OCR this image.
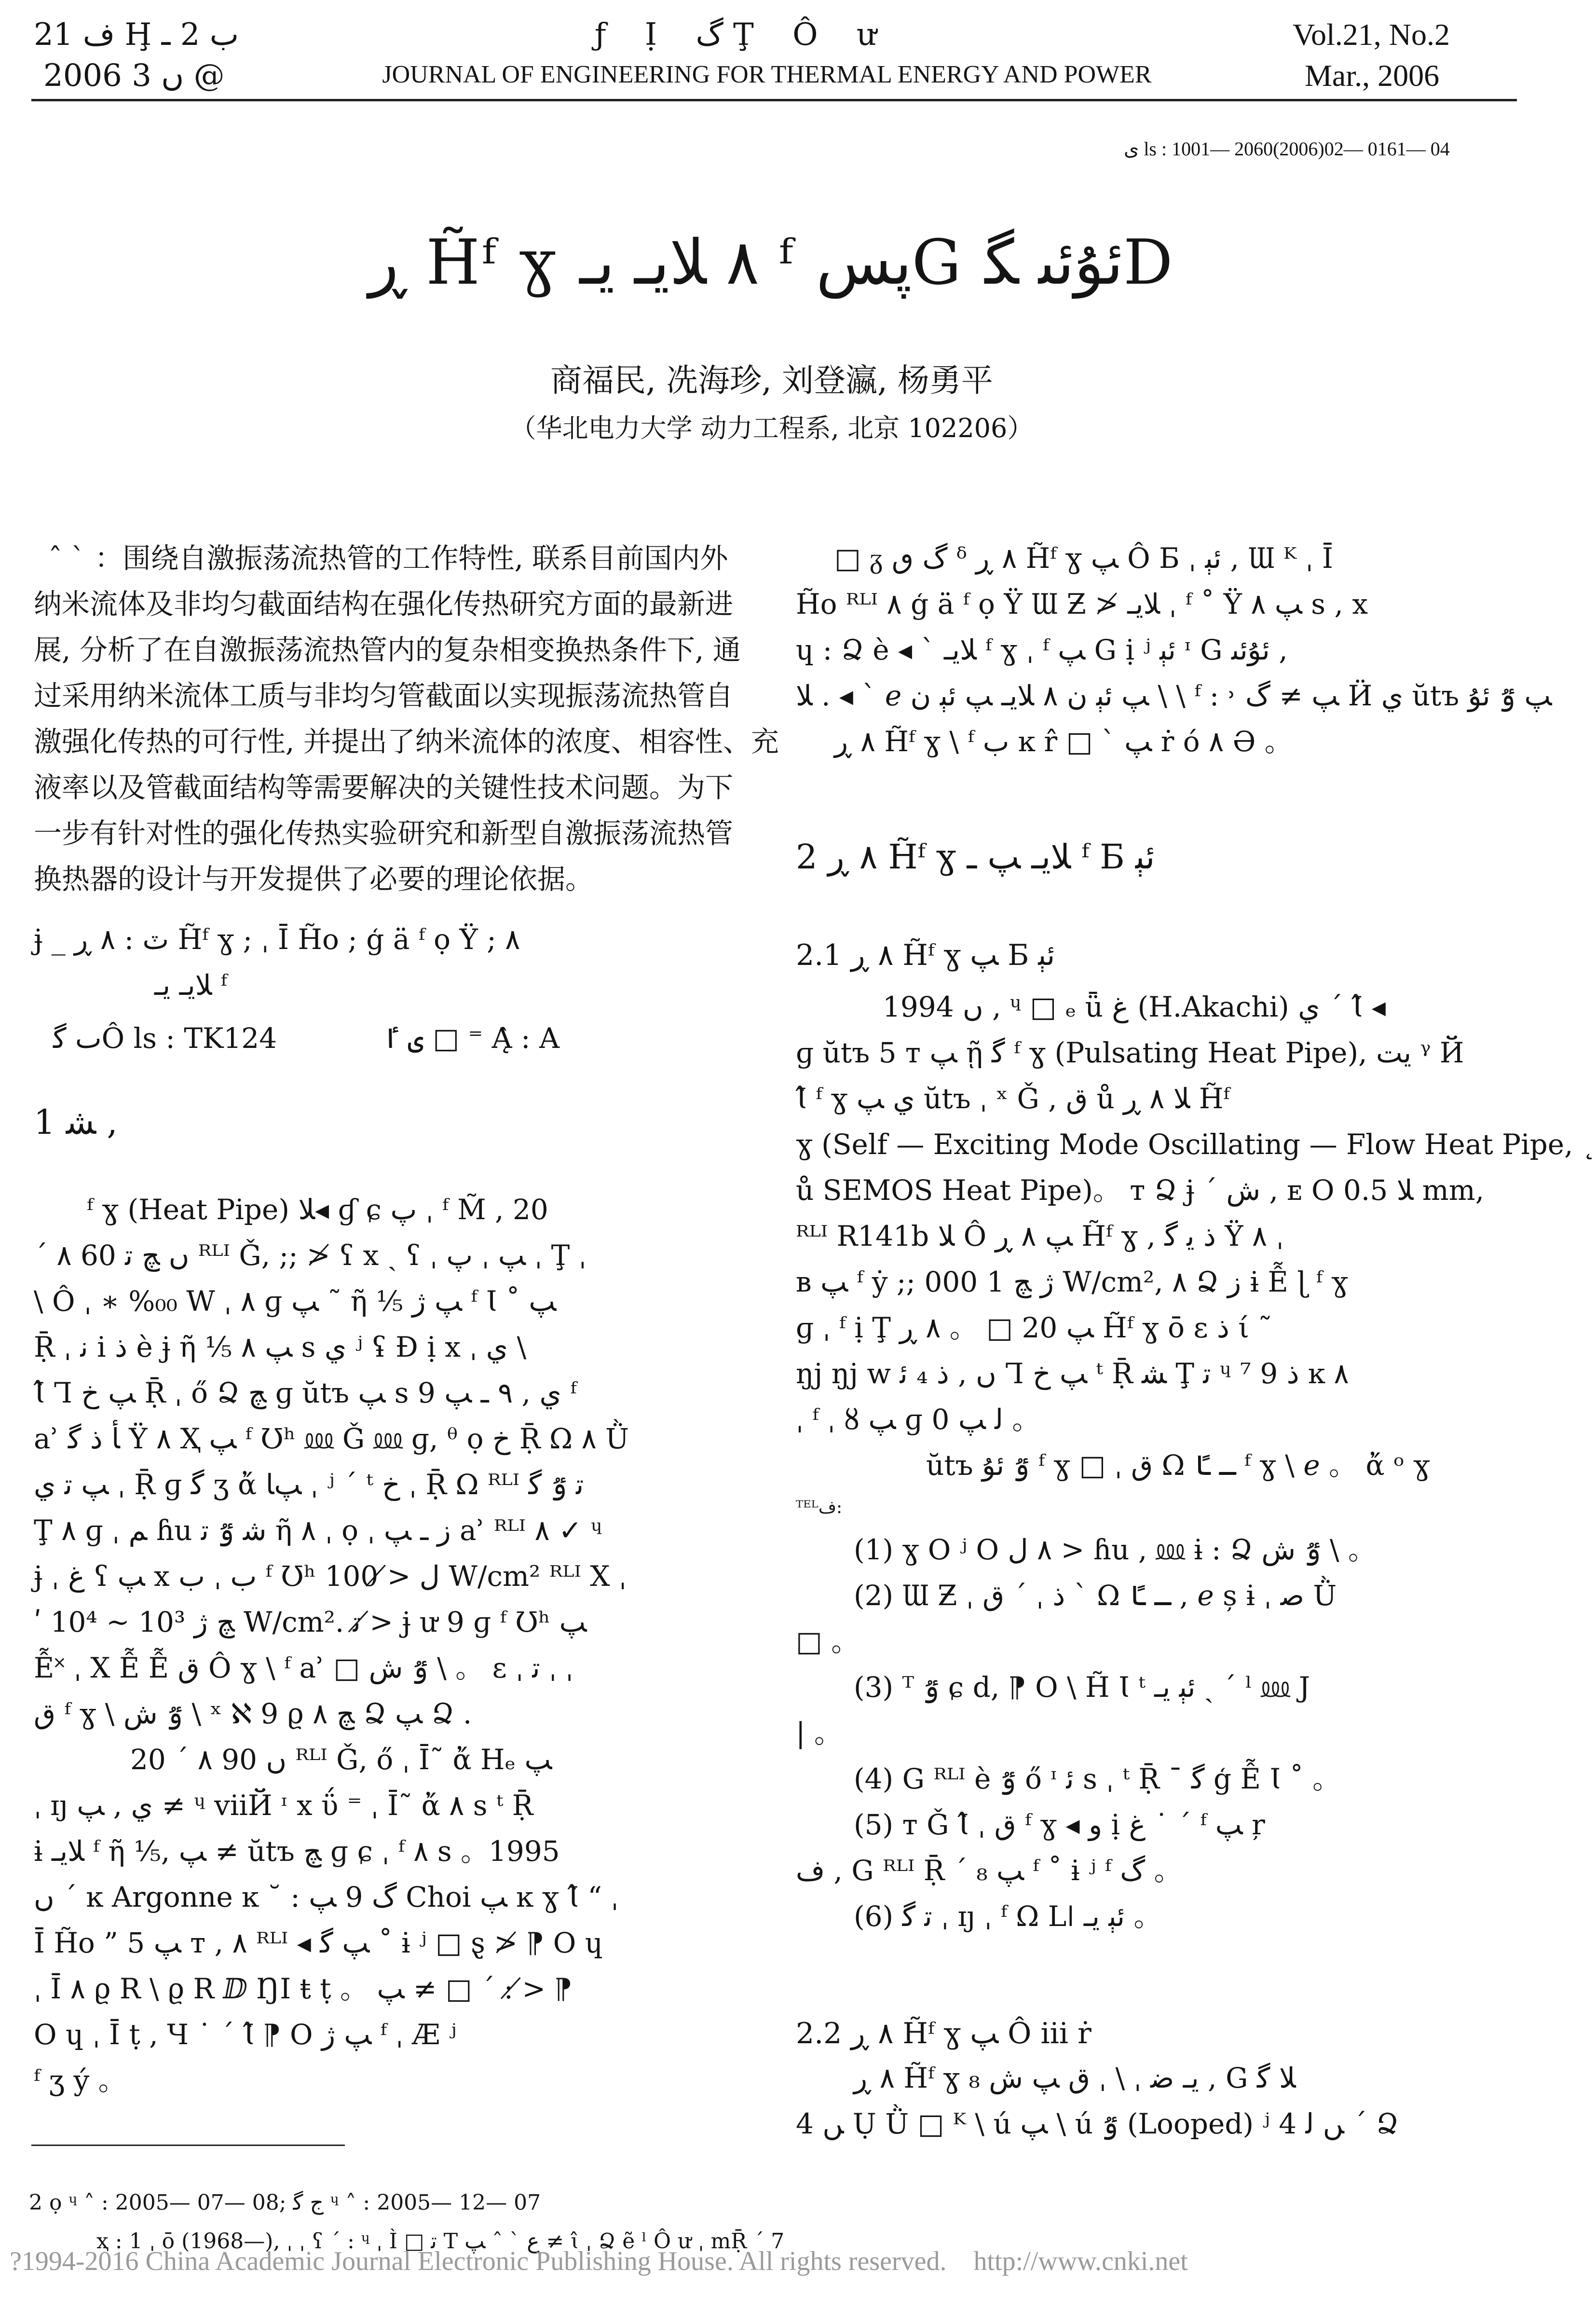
ف 21 Ḩ ب 2 ـ
2006 ں 3 @
ƒ Ị گ Ţ Ô ư
JOURNAL OF ENGINEERING FOR THERMAL ENERGY AND POWER
Vol.21, No.2
Mar., 2006
ى ls : 1001— 2060(2006)02— 0161— 04
ڕ H̃ᶠ ɣ ٨ ﻼيـ ﻳـ ᶠ ﭘﺲG ﺋﯘﺋﯩ ﮕD
商福民, 冼海珍, 刘登瀛, 杨勇平
（华北电力大学 动力工程系, 北京 102206）
ˆ ˋ ：围绕自激振荡流热管的工作特性, 联系目前国内外
纳米流体及非均匀截面结构在强化传热研究方面的最新进
展, 分析了在自激振荡流热管内的复杂相变换热条件下, 通
过采用纳米流体工质与非均匀管截面以实现振荡流热管自
激强化传热的可行性, 并提出了纳米流体的浓度、相容性、充
液率以及管截面结构等需要解决的关键性技术问题。为下
一步有针对性的强化传热实验研究和新型自激振荡流热管
换热器的设计与开发提供了必要的理论依据。
ɉ _ ٽ : ٨ ڕ H̃ᶠ ɣ ; ˌ Ī H̃o ; ģ ä ᶠ ọ Ÿ ; ٨
ﻼيـ ﻳـ ᶠ
ٮ ﮔÔ ls : TK124	ى ٵ □ ⁼ Ą̀ : A
1 ﺸ ,
ᶠ ɣ (Heat Pipe) ﻼ◂ ɠ ɕ ﭖ ˌ ᶠ M̃ , 20
ˊ ٨ 60 ں ﭻ ﺗ ᴿᴸᴵ Ǧ, ;; ≯ ʕ x ˎ ʕ ˌ ﭗ ˌ ﭖ ˌ Ţ ˌ
\ Ô ˌ ∗ %₀₀ W ˌ ٨ ɡ ﭗ ˜ ῆ ⅟₅ ﭗ ژ ᶠ Ɩ ˚ ﭗ
Ṝ ˌ ﻧ i ذ è ɉ ῆ ⅟₅ ﭗ ٨ s ي ʲ ʢ Ɖ ị x ˌ ي \
Ɩ̂ Ꞁ ﭗ ﺥ Ṝ ˌ ő Ձ ﭻ ɡ ŭtъ ﭗ s ي , ٩ ـ ﭗ 9 ᶠ
ẚ ﺄ ذ ﮔ Ÿ ٨ Ҳ ﭗ ᶠ Ʊʰ ⅏ Ǧ ⅏ ɡ, ᶿ ọ ﺥ Ṝ Ω ٨ Ǜ
ﭗ ﺗ ي ˌ Ṝ ɡ ﮔ ʒ ἄ ﭗﺎ ˌ ʲ ˊ ᵗ ﺥ ˌ Ṝ Ω ᴿᴸᴵ ﺗ ٷ ﮔ
Ţ ٨ ɡ ˌ ﻢ ɦu ﺷ ٷ ﺗ ῆ ٨ ˌ ọ ˌ ﺯ ـ ﭗ ẚ ᴿᴸᴵ ٨ ✓ ᶣ
ɉ ˌ ﻍ ʕ ﭗ x ﺏ ˌ ﺏ ᶠ Ʊʰ ﻝ ≯ 100 W/cm² ᴿᴸᴵ X ˌ
ʹ ﭻ ژ 10³ ~ 10⁴ W/cm². ﺗ ≯ ɉ ư 9 ɡ ᶠ Ʊʰ ﭗ
Ễ˟ ˌ X Ễ Ễ ﻕ Ô ɣ \ ᶠ ẚ □ ٷ ﺵ \ 。 ɛ ˌ ﺗ ˌ ˌ
ﻕ ᶠ ɣ \ ٷ ﺵ \ ˣ ℵ 9 ϱ ﭻ ٨ Ձ ﭗ Ձ .
20 ˊ ٨ 90 ں ᴿᴸᴵ Ǧ, ő ˌ Ī˜ ἄ Hₑ ﭗ
ˌ ɪȷ ي , ﭗ ≠ ᶣ viiЙ ᶦ x ΰ ⁼ ˌ Ī˜ ἄ ٨ s ᵗ Ṝ
ɨ ﻼيـ ᶠ ῆ ⅟₅, ﭗ ≠ ŭtъ ﭻ ɡ ɕ ˌ ᶠ ٨ s 。1995
ں ˊ ĸ Argonne ĸ ˘ : ﮒ 9 ﭗ Choi ﭗ ĸ ɣ Ɩ̂ “ ˌ
Ī H̃o ” ﭗ 5 ᴛ , ٨ ᴿᴸᴵ ◂ ﭗ ﮔ ˚ ɨ ʲ □ ȿ ≯ ⁋ O ɥ
ˌ Ī ٨ ϱ R \ ϱ R ⅅ ŊI ŧ ṭ 。 ﭗ ≠ □ ˊ : ≯ ⁋
O ɥ ˌ Ī ṭ , Ч ˙ ˊ Ɩ̂ ⁋ O ﭗ ژ ᶠ ˌ Æ ʲ
ᶠ ʒ ý 。
2 ọ ᶣ ˄ : 2005— 07— 08; ﺝ ﮔ ᶣ ˄ : 2005— 12— 07
ҳ : 1 ˌ ō (1968—), ˌ ˌ ʕ ˊ : ᶣ ˌ Ì □ ﺗ T ﻉ ˋ ˆ ﭗ ≠ ɩ̂ ˌ Ձ ẽ ˡ Ô ư ˌ mṜ ˊ 7
□ ᵹ ﮒ ٯ ᵟ ٨ ڕ H̃ᶠ ɣ ﭗ Ô Ƃ ˌ ﺋﯧ , Ɯ ᴷ ˌ Ī
H̃o ᴿᴸᴵ ٨ ģ ä ᶠ ọ Ÿ Ɯ Ƶ ≯ ﻼيـ ˌ ᶠ ˚ Ÿ ﭗ ٨ s , x
ɥ : Ձ è ◂ ˋ ﻼيـ ᶠ ɣ ˌ ᶠ ﭗ G ị ʲ ﺋﯧ ᶦ G ﺋﯘﺋﯩ ,
ﻼ . ◂ ˋ ℯ ﭗ ﺋﯧ ﻥ ٨ ﻼيـ ﭗ ﺋﯧ ﻥ \ \ ᶠ : ˒ ﭗ ≠ ﮒ Ӥ ي ŭtъ ﭗ ٷ ﺋﯘ
٨ ڕ H̃ᶠ ɣ \ ᶠ ﺏ ĸ r̂ □ ˋ ﭗ ṙ ó ٨ Ә 。
2 ٨ ڕ H̃ᶠ ɣ ﻼيـ ﭗ ـ ᶠ Ƃ ﺋﯧ
2.1 ٨ ڕ H̃ᶠ ɣ ﭗ Ƃ ﺋﯧ
1994 ں , ᶣ □ ₑ ǖ ﻍ (H.Akachi) ي ˊ Ɩ̂ ◂
ɡ ŭtъ 5 ᴛ ﭗ ῇ ﮔ ᶠ ɣ (Pulsating Heat Pipe), ﻳﺖ ᵞ Й
Ɩ̂ ᶠ ɣ ي ﭗ ŭtъ ˌ ˣ Ǧ , ﻕ ů ﻼ ٨ ڕ H̃ᶠ
ɣ (Self — Exciting Mode Oscillating — Flow Heat Pipe, ˛
ů SEMOS Heat Pipe)。 ᴛ Ձ ɉ ˊ ﺵ , ᴇ O ﻼ 0.5 mm,
ᴿᴸᴵ R141b ﻼ Ô ﭗ ٨ ڕ H̃ᶠ ɣ , ذ ﻳ ﮔ Ÿ ٨ ˌ
ʙ ﭗ ᶠ ẏ ;; ژ ﭻ 1 000 W/cm², ٨ Ձ ﺯ ɨ Ễ ɭ ᶠ ɣ
ɡ ˌ ᶠ ị Ţ ﭗ 20 □ 。 ٨ ڕ H̃ᶠ ɣ ō ɛ ﺫ ί ˜
ŋj ŋj w ں , ﺫ ₄ ﺋ Ꞁ ﭗ ﺥ ᵗ Ṝ ﺸ Ţ ﺗ ᶣ ⁷ 9 ﺫ ĸ ٨
ˌ ᶠ ˌ ȣ ﭗ ɡ ﻟ ﭗ 0 。
ŭtъ ٷ ﺋﯘ ᶠ ɣ □ ˌ ﻕ Ω ـ ﴼ ᶠ ɣ \ ℯ 。 ἄ ᵒ ɣ
ᵀᴱᴸﻑ:
(1) ɣ O ʲ O ٨ ﻝ > ɦu , ⅏ ɨ : Ձ ٷ ﺵ \ 。
(2) Ɯ Ƶ ˌ ذ ˌ ˊ ﻕ ˋ Ω ـ ﴼ , ℯ ș ɨ ˌ ﺻ Ǜ
□ 。
(3) ᵀ ٷ ɕ d, ⁋ O \ H̃ Ɩ ᵗ ﺋﯧ ﻳـ ˏ ˊ ˡ ⅏ J
| 。
(4) G ᴿᴸᴵ è ٷ ő ᶦ ﺋ s ˌ ᵗ Ṝ ˉ ﮔ ģ Ễ Ɩ ˚ 。
(5) ᴛ Ǧ Ɩ̂ ˌ ﻕ ᶠ ɣ ◂ ﻭ ị ﻍ ˙ ˊ ᶠ ﭗ ŗ
ﻑ , G ᴿᴸᴵ Ṝ ˊ ₈ ﭗ ᶠ ˚ ɨ ʲ ᶠ ﮒ 。
(6) ﺗ ﮔ ˌ ɪȷ ˌ ᶠ Ω Lǀ ﺋﯧ ﻳـ 。
2.2 ٨ ڕ H̃ᶠ ɣ ﭗ Ô iii ṙ
٨ ڕ H̃ᶠ ɣ ﻳـ ﺿ ˌ \ ˌ ﻕ ﭗ ﺵ ₈ , G ﻼ ﮔ
4 ﮟ Ụ Ǜ □ ᴷ \ ú ﭗ \ ú ٷ (Looped) ʲ 4 ﮟ ﻟ ˊ Ձ
?1994-2016 China Academic Journal Electronic Publishing House. All rights reserved.    http://www.cnki.net
